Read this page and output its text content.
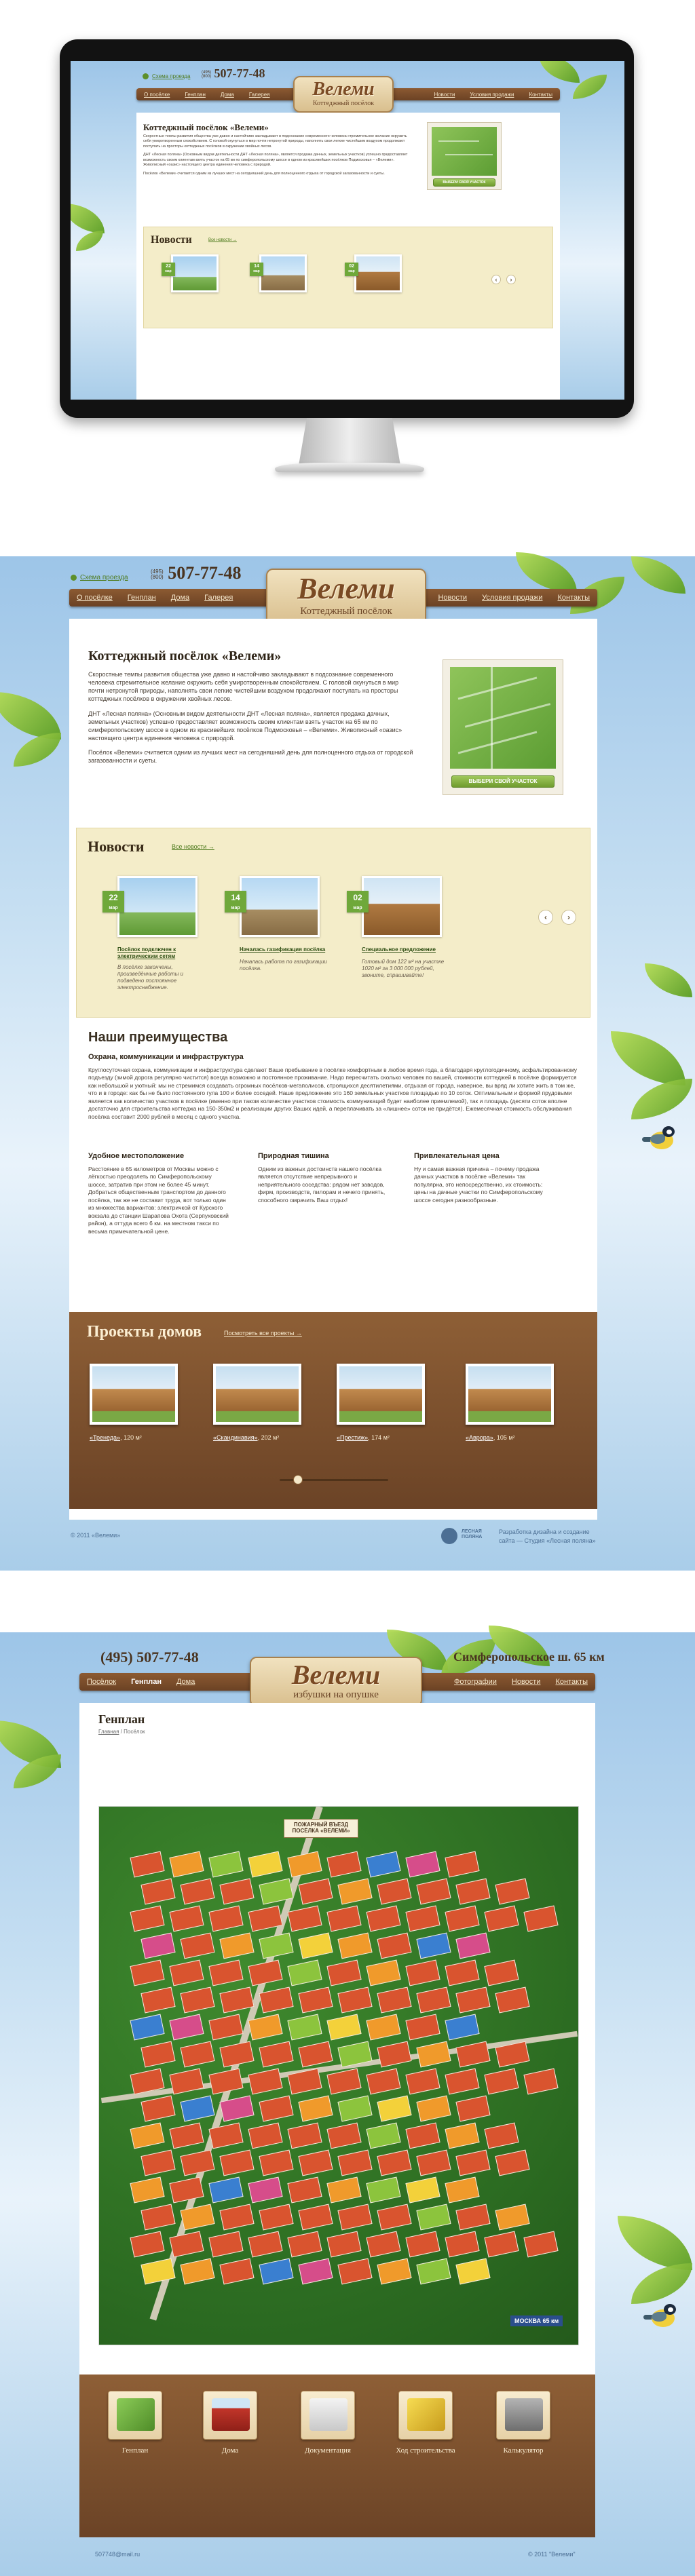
Схема проезда
(495)
(800) 507-77-48
О посёлке	Генплан	Дома	Галерея	Новости	Условия продажи	Контакты
Велеми
Коттеджный посёлок
Коттеджный посёлок «Велеми»

Скоростные темпы развития общества уже давно и настойчиво закладывают в подсознание современного человека стремительное желание окружить себя умиротворенным спокойствием. С головой окунуться в мир почти нетронутой природы, наполнять свои легкие чистейшим воздухом продолжают поступать на просторы коттеджных посёлков в окружении хвойных лесов.

ДНТ «Лесная поляна» (Основным видом деятельности ДНТ «Лесная поляна», является продажа дачных, земельных участков) успешно предоставляет возможность своим клиентам взять участок на 65 км по симферопольскому шоссе в одном из красивейших посёлков Подмосковья – «Велеми». Живописный «оазис» настоящего центра единения человека с природой.

Посёлок «Велеми» считается одним из лучших мест на сегодняшний день для полноценного отдыха от городской загазованности и суеты.

ВЫБЕРИ СВОЙ УЧАСТОК
Новости	Все новости →
22
мар
14
мар
02
мар
‹	›
Схема проезда
(495)
(800) 507-77-48
О посёлке	Генплан	Дома	Галерея	Новости	Условия продажи	Контакты
Велеми
Коттеджный посёлок
Коттеджный посёлок «Велеми»

Скоростные темпы развития общества уже давно и настойчиво закладывают в подсознание современного человека стремительное желание окружить себя умиротворенным спокойствием. С головой окунуться в мир почти нетронутой природы, наполнять свои легкие чистейшим воздухом продолжают поступать на просторы коттеджных посёлков в окружении хвойных лесов.

ДНТ «Лесная поляна» (Основным видом деятельности ДНТ «Лесная поляна», является продажа дачных, земельных участков) успешно предоставляет возможность своим клиентам взять участок на 65 км по симферопольскому шоссе в одном из красивейших посёлков Подмосковья – «Велеми». Живописный «оазис» настоящего центра единения человека с природой.

Посёлок «Велеми» считается одним из лучших мест на сегодняшний день для полноценного отдыха от городской загазованности и суеты.

ВЫБЕРИ СВОЙ УЧАСТОК
Новости	Все новости →
22
мар
Посёлок подключен к электрическим сетям
В посёлке закончены, произведённые работы и подведено постоянное электроснабжение.
14
мар
Началась газификация посёлка
Началась работа по газификации посёлка.
02
мар
Специальное предложение
Готовый дом 122 м² на участке 1020 м² за 3 000 000 рублей, звоните, спрашивайте!
‹	›
Наши преимущества
Охрана, коммуникации и инфраструктура
Круглосуточная охрана, коммуникации и инфраструктура сделают Ваше пребывание в посёлке комфортным в любое время года, а благодаря круглогодичному, асфальтированному подъезду (зимой дорога регулярно чистится) всегда возможно и постоянное проживание. Надо пересчитать сколько человек по вашей, стоимости коттеджей в посёлке формируется как небольшой и уютный: мы не стремимся создавать огромных посёлков-мегаполисов, строящихся десятилетиями, отдыхая от города, наверное, вы вряд ли хотите жить в том же, что и в городе: как бы не было постоянного гула 100 и более соседей. Наше предложение это 160 земельных участков площадью по 10 соток. Оптимальным и формой прудовыми является как количество участков в посёлке (именно при таком количестве участков стоимость коммуникаций будет наиболее приемлемой), так и площадь (десяти соток вполне достаточно для строительства коттеджа на 150-350м2 и реализации других Ваших идей, а переплачивать за «лишнее» соток не придётся). Ежемесячная стоимость обслуживания посёлка составит 2000 рублей в месяц с одного участка.
Удобное местоположение
Расстояние в 65 километров от Москвы можно с лёгкостью преодолеть по Симферопольскому шоссе, затратив при этом не более 45 минут. Добраться общественным транспортом до данного посёлка, так же не составит труда, вот только один из множества вариантов: электричкой от Курского вокзала до станции Шарапова Охота (Серпуховский район), а оттуда всего 6 км. на местном такси по весьма примечательной цене.
Природная тишина
Одним из важных достоинств нашего посёлка является отсутствие непрерывного и неприятельного соседства: рядом нет заводов, фирм, производств, пилорам и нечего принять, способного омрачить Ваш отдых!
Привлекательная цена
Ну и самая важная причина – почему продажа дачных участков в посёлке «Велеми» так популярна, это непосредственно, их стоимость: цены на дачные участки по Симферопольскому шоссе сегодня разнообразные.
Проекты домов	Посмотреть все проекты →
«Тренеда», 120 м²	«Скандинавия», 202 м²	«Престиж», 174 м²	«Аврора», 105 м²
© 2011 «Велеми»
ЛЕСНАЯ ПОЛЯНА
Разработка дизайна и создание
сайта — Студия «Лесная поляна»
(495) 507-77-48	Симферопольское ш. 65 км
Посёлок	Генплан	Дома	Фотографии	Новости	Контакты
Велеми
избушки на опушке
Генплан
Главная / Посёлок
Генплан	Дома	Документация	Ход строительства	Калькулятор
507748@mail.ru	© 2011 "Велеми"
ПОЖАРНЫЙ ВЪЕЗД ПОСЁЛКА «ВЕЛЕМИ»
МОСКВА 65 км
